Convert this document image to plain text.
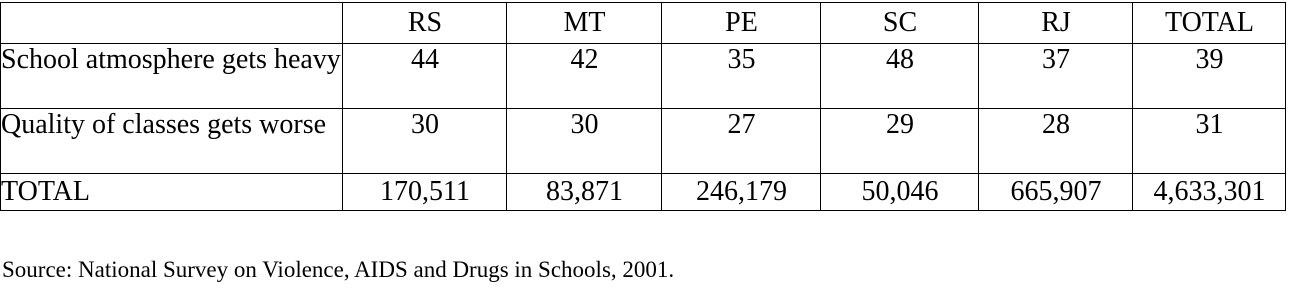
	RS	MT	PE	SC	RJ	TOTAL
School atmosphere gets heavy	44	42	35	48	37	39
Quality of classes gets worse	30	30	27	29	28	31
TOTAL	170,511	83,871	246,179	50,046	665,907	4,633,301
Source: National Survey on Violence, AIDS and Drugs in Schools, 2001.
